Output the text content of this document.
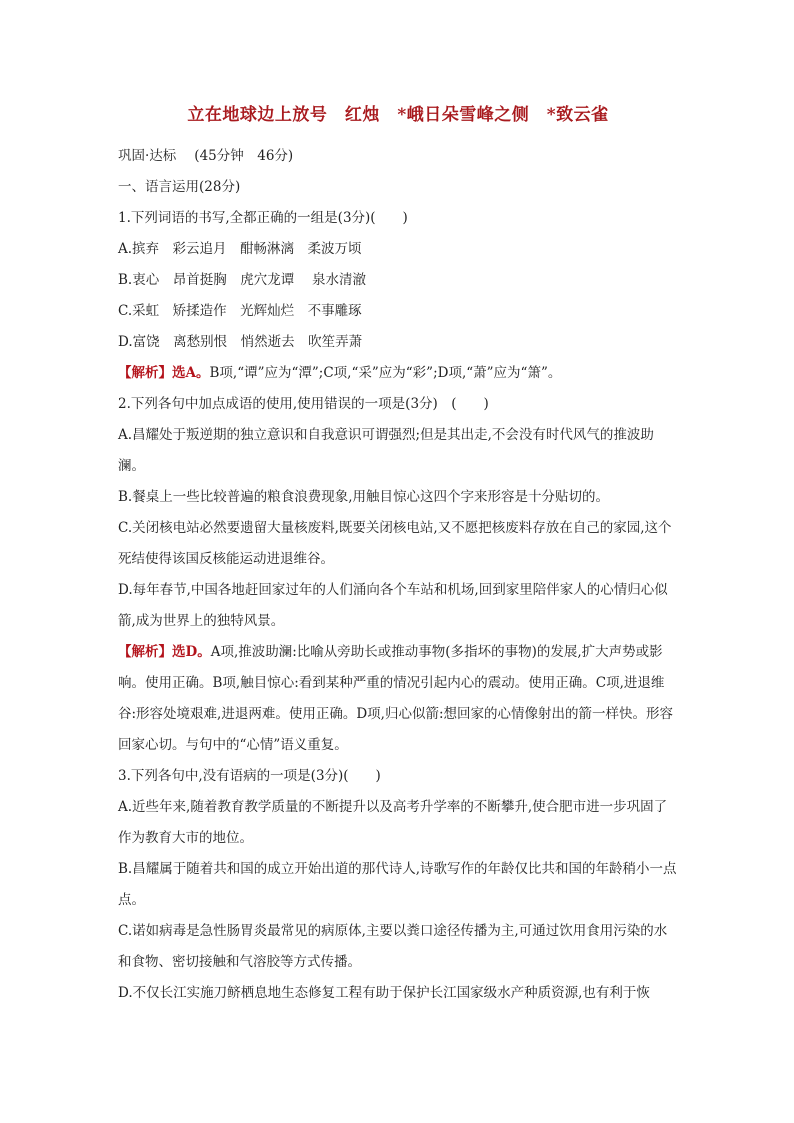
立在地球边上放号　红烛　*峨日朵雪峰之侧　*致云雀
巩固·达标 (45分钟　46分)
一、语言运用(28分)
1.下列词语的书写,全都正确的一组是(3分)(　　)
A.摈弃　彩云追月　酣畅淋漓　柔波万顷
B.衷心　昂首挺胸　虎穴龙谭　 泉水清澈
C.采虹　矫揉造作　光辉灿烂　不事雕琢
D.富饶　离愁别恨　悄然逝去　吹笙弄萧
【解析】选A。B项,“谭”应为“潭”;C项,“采”应为“彩”;D项,“萧”应为“箫”。
2.下列各句中加点成语的使用,使用错误的一项是(3分)　(　　)
A.昌耀处于叛逆期的独立意识和自我意识可谓强烈;但是其出走,不会没有时代风气的推波助澜。
B.餐桌上一些比较普遍的粮食浪费现象,用触目惊心这四个字来形容是十分贴切的。
C.关闭核电站必然要遗留大量核废料,既要关闭核电站,又不愿把核废料存放在自己的家园,这个死结使得该国反核能运动进退维谷。
D.每年春节,中国各地赶回家过年的人们涌向各个车站和机场,回到家里陪伴家人的心情归心似箭,成为世界上的独特风景。
【解析】选D。A项,推波助澜:比喻从旁助长或推动事物(多指坏的事物)的发展,扩大声势或影响。使用正确。B项,触目惊心:看到某种严重的情况引起内心的震动。使用正确。C项,进退维谷:形容处境艰难,进退两难。使用正确。D项,归心似箭:想回家的心情像射出的箭一样快。形容回家心切。与句中的“心情”语义重复。
3.下列各句中,没有语病的一项是(3分)(　　)
A.近些年来,随着教育教学质量的不断提升以及高考升学率的不断攀升,使合肥市进一步巩固了作为教育大市的地位。
B.昌耀属于随着共和国的成立开始出道的那代诗人,诗歌写作的年龄仅比共和国的年龄稍小一点点。
C.诺如病毒是急性肠胃炎最常见的病原体,主要以粪口途径传播为主,可通过饮用食用污染的水和食物、密切接触和气溶胶等方式传播。
D.不仅长江实施刀鲚栖息地生态修复工程有助于保护长江国家级水产种质资源,也有利于恢
